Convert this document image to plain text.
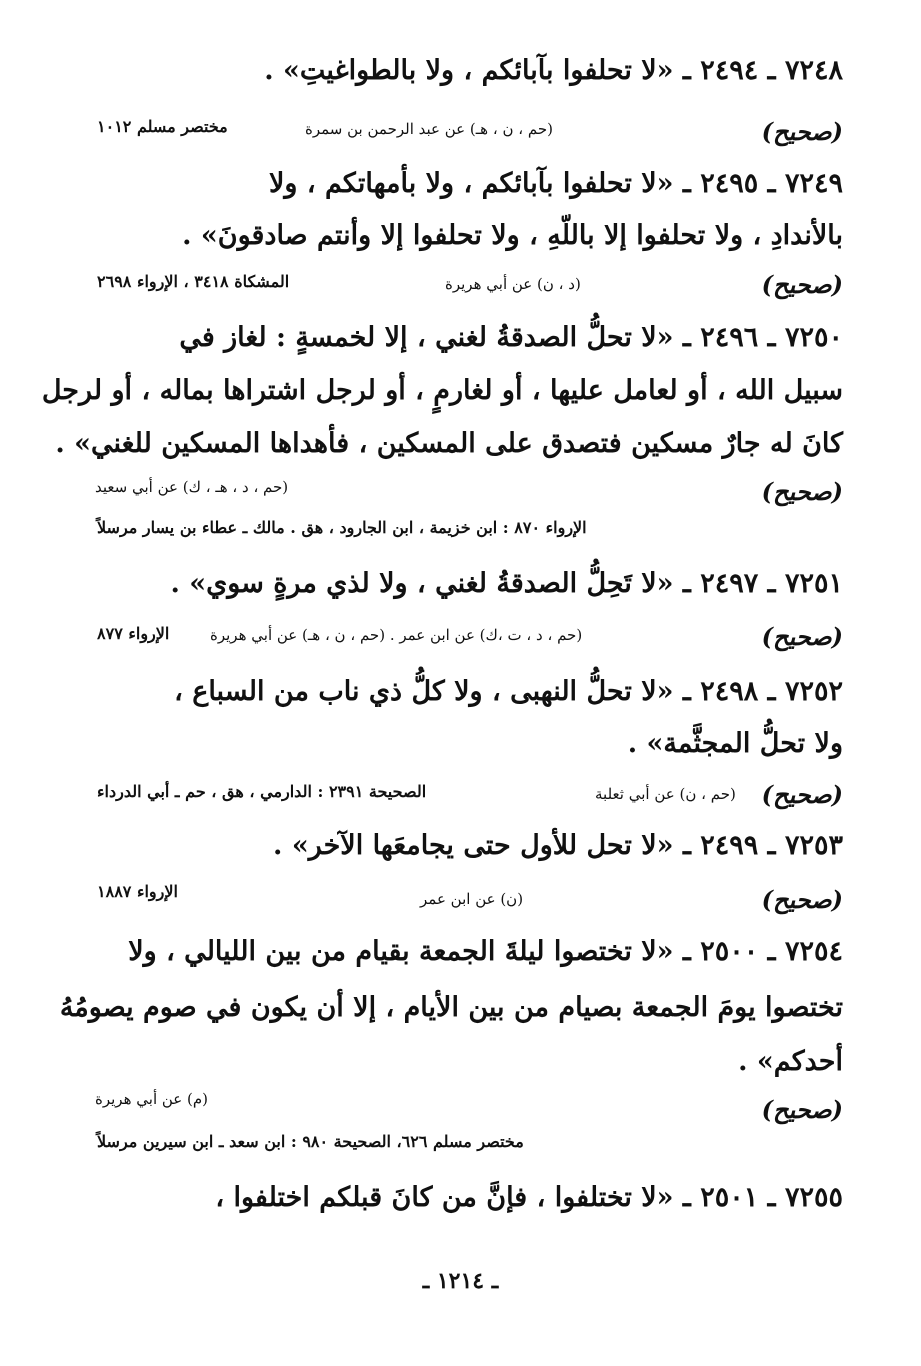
٧٢٤٨ ـ ٢٤٩٤ ـ «لا تحلفوا بآبائكم ، ولا بالطواغيتِ» .
(صحيح)
(حم ، ن ، هـ) عن عبد الرحمن بن سمرة
مختصر مسلم ١٠١٢
٧٢٤٩ ـ ٢٤٩٥ ـ «لا تحلفوا بآبائكم ، ولا بأمهاتكم ، ولا
بالأندادِ ، ولا تحلفوا إلا باللّهِ ، ولا تحلفوا إلا وأنتم صادقونَ» .
(صحيح)
(د ، ن) عن أبي هريرة
المشكاة ٣٤١٨ ، الإرواء ٢٦٩٨
٧٢٥٠ ـ ٢٤٩٦ ـ «لا تحلُّ الصدقةُ لغني ، إلا لخمسةٍ : لغاز في
سبيل الله ، أو لعامل عليها ، أو لغارمٍ ، أو لرجل اشتراها بماله ، أو لرجل
كانَ له جارٌ مسكين فتصدق على المسكين ، فأهداها المسكين للغني» .
(صحيح)
(حم ، د ، هـ ، ك) عن أبي سعيد
الإرواء ٨٧٠ : ابن خزيمة ، ابن الجارود ، هق . مالك ـ عطاء بن يسار مرسلاً
٧٢٥١ ـ ٢٤٩٧ ـ «لا تَحِلُّ الصدقةُ لغني ، ولا لذي مرةٍ سوي» .
(صحيح)
(حم ، د ، ت ،ك) عن ابن عمر . (حم ، ن ، هـ) عن أبي هريرة
الإرواء ٨٧٧
٧٢٥٢ ـ ٢٤٩٨ ـ «لا تحلُّ النهبى ، ولا كلُّ ذي ناب من السباع ،
ولا تحلُّ المجثَّمة» .
(صحيح)
(حم ، ن) عن أبي ثعلبة
الصحيحة ٢٣٩١ : الدارمي ، هق ، حم ـ أبي الدرداء
٧٢٥٣ ـ ٢٤٩٩ ـ «لا تحل للأول حتى يجامعَها الآخر» .
(صحيح)
(ن) عن ابن عمر
الإرواء ١٨٨٧
٧٢٥٤ ـ ٢٥٠٠ ـ «لا تختصوا ليلةَ الجمعة بقيام من بين الليالي ، ولا
تختصوا يومَ الجمعة بصيام من بين الأيام ، إلا أن يكون في صوم يصومُهُ
أحدكم» .
(صحيح)
(م) عن أبي هريرة
مختصر مسلم ٦٢٦، الصحيحة ٩٨٠ : ابن سعد ـ ابن سيرين مرسلاً
٧٢٥٥ ـ ٢٥٠١ ـ «لا تختلفوا ، فإنَّ من كانَ قبلكم اختلفوا ،
ـ ١٢١٤ ـ
